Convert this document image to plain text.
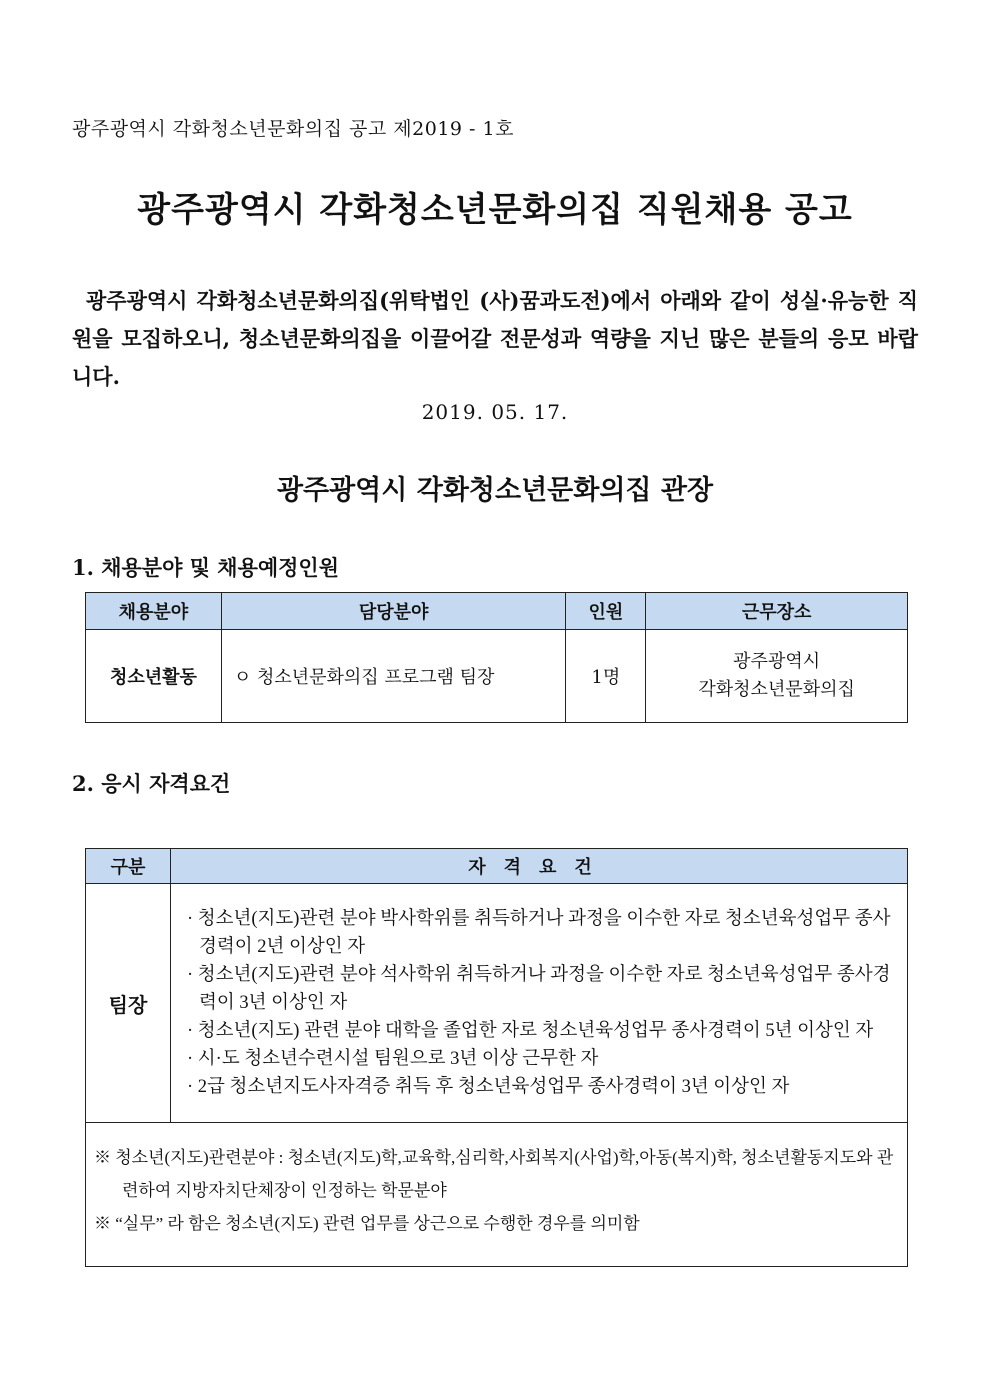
광주광역시 각화청소년문화의집 공고 제2019 - 1호
광주광역시 각화청소년문화의집 직원채용 공고

광주광역시 각화청소년문화의집(위탁법인 (사)꿈과도전)에서 아래와 같이 성실·유능한 직원을 모집하오니, 청소년문화의집을 이끌어갈 전문성과 역량을 지닌 많은 분들의 응모 바랍니다.

2019. 05. 17.
광주광역시 각화청소년문화의집 관장
1. 채용분야 및 채용예정인원
채용분야	담당분야	인원	근무장소
청소년활동	ㅇ 청소년문화의집 프로그램 팀장	1명	광주광역시
각화청소년문화의집
2. 응시 자격요건
구분	자격요건
팀장	· 청소년(지도)관련 분야 박사학위를 취득하거나 과정을 이수한 자로 청소년육성업무 종사경력이 2년 이상인 자
· 청소년(지도)관련 분야 석사학위 취득하거나 과정을 이수한 자로 청소년육성업무 종사경력이 3년 이상인 자
· 청소년(지도) 관련 분야 대학을 졸업한 자로 청소년육성업무 종사경력이 5년 이상인 자
· 시·도 청소년수련시설 팀원으로 3년 이상 근무한 자
· 2급 청소년지도사자격증 취득 후 청소년육성업무 종사경력이 3년 이상인 자

※ 청소년(지도)관련분야 : 청소년(지도)학,교육학,심리학,사회복지(사업)학,아동(복지)학, 청소년활동지도와 관련하여 지방자치단체장이 인정하는 학문분야
※ “실무” 라 함은 청소년(지도) 관련 업무를 상근으로 수행한 경우를 의미함	
